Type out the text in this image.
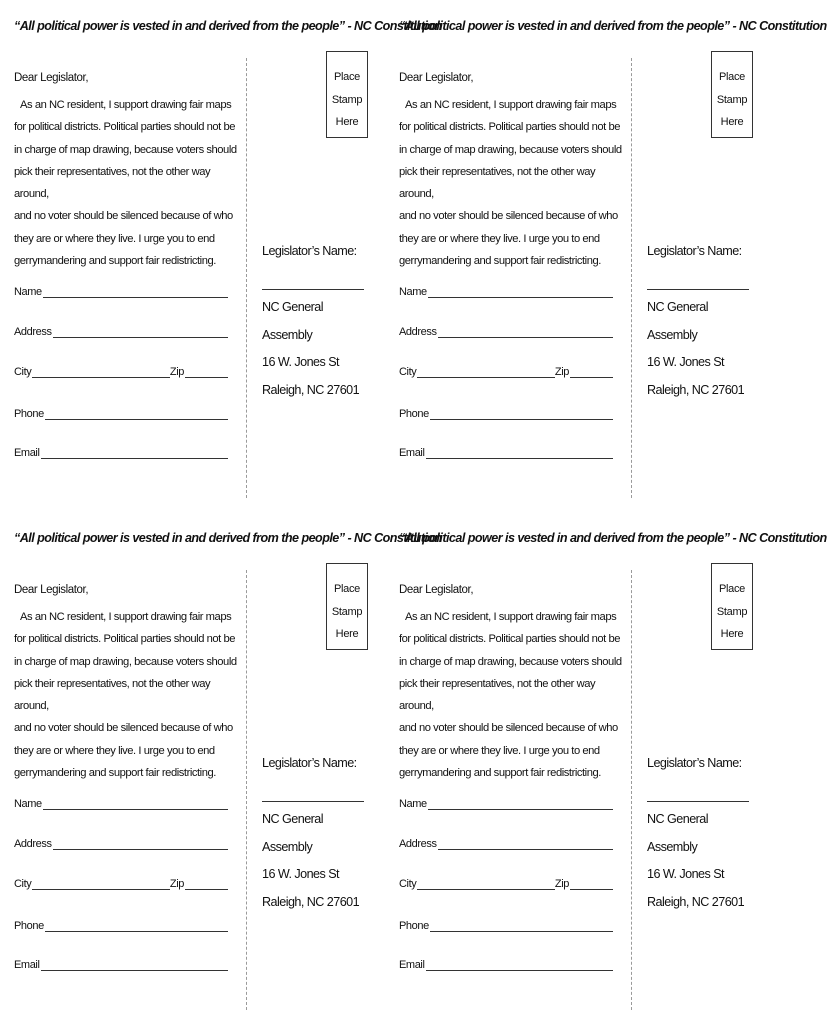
“All political power is vested in and derived from the people” - NC Constitution

Dear Legislator,

As an NC resident, I support drawing fair maps

for political districts. Political parties should not be

in charge of map drawing, because voters should

pick their representatives, not the other way around,

and no voter should be silenced because of who

they are or where they live. I urge you to end

gerrymandering and support fair redistricting.

Name
Address
City	Zip
Phone
Email
Place
Stamp
Here

Legislator’s Name:

NC General Assembly

16 W. Jones St

Raleigh, NC 27601

“All political power is vested in and derived from the people” - NC Constitution

Dear Legislator,

As an NC resident, I support drawing fair maps

for political districts. Political parties should not be

in charge of map drawing, because voters should

pick their representatives, not the other way around,

and no voter should be silenced because of who

they are or where they live. I urge you to end

gerrymandering and support fair redistricting.

Name
Address
City	Zip
Phone
Email
Place
Stamp
Here

Legislator’s Name:

NC General Assembly

16 W. Jones St

Raleigh, NC 27601

“All political power is vested in and derived from the people” - NC Constitution

Dear Legislator,

As an NC resident, I support drawing fair maps

for political districts. Political parties should not be

in charge of map drawing, because voters should

pick their representatives, not the other way around,

and no voter should be silenced because of who

they are or where they live. I urge you to end

gerrymandering and support fair redistricting.

Name
Address
City	Zip
Phone
Email
Place
Stamp
Here

Legislator’s Name:

NC General Assembly

16 W. Jones St

Raleigh, NC 27601

“All political power is vested in and derived from the people” - NC Constitution

Dear Legislator,

As an NC resident, I support drawing fair maps

for political districts. Political parties should not be

in charge of map drawing, because voters should

pick their representatives, not the other way around,

and no voter should be silenced because of who

they are or where they live. I urge you to end

gerrymandering and support fair redistricting.

Name
Address
City	Zip
Phone
Email
Place
Stamp
Here

Legislator’s Name:

NC General Assembly

16 W. Jones St

Raleigh, NC 27601
